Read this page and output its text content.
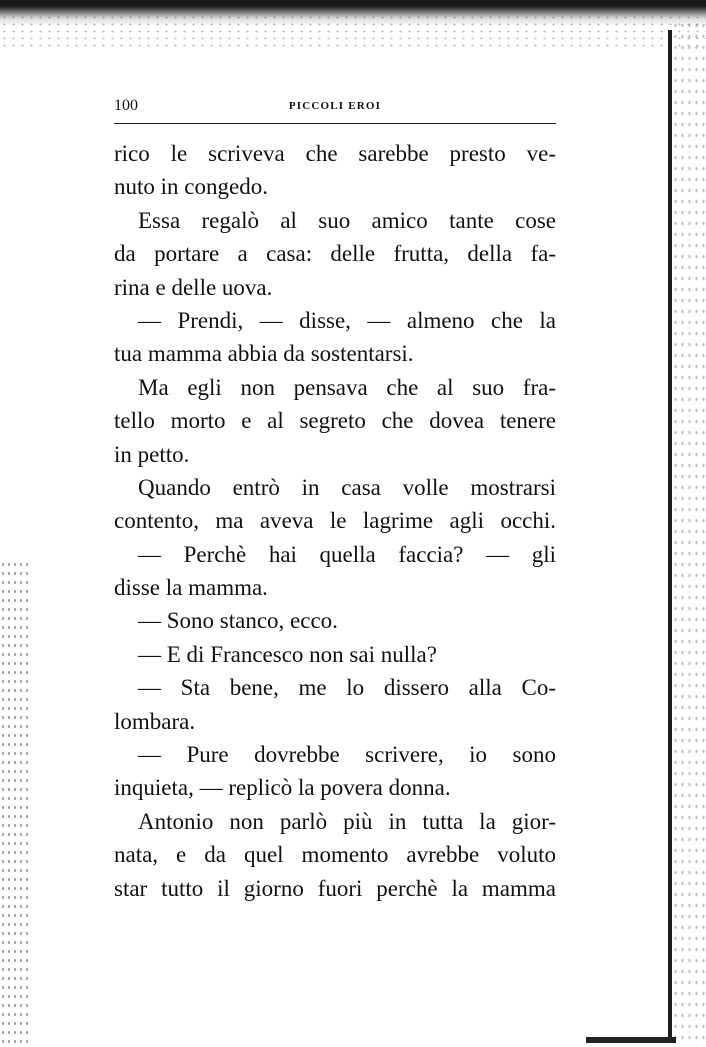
100	PICCOLI EROI
rico le scriveva che sarebbe presto ve-
nuto in congedo.
Essa regalò al suo amico tante cose
da portare a casa: delle frutta, della fa-
rina e delle uova.
— Prendi, — disse, — almeno che la
tua mamma abbia da sostentarsi.
Ma egli non pensava che al suo fra-
tello morto e al segreto che dovea tenere
in petto.
Quando entrò in casa volle mostrarsi
contento, ma aveva le lagrime agli occhi.
— Perchè hai quella faccia? — gli
disse la mamma.
— Sono stanco, ecco.
— E di Francesco non sai nulla?
— Sta bene, me lo dissero alla Co-
lombara.
— Pure dovrebbe scrivere, io sono
inquieta, — replicò la povera donna.
Antonio non parlò più in tutta la gior-
nata, e da quel momento avrebbe voluto
star tutto il giorno fuori perchè la mamma
